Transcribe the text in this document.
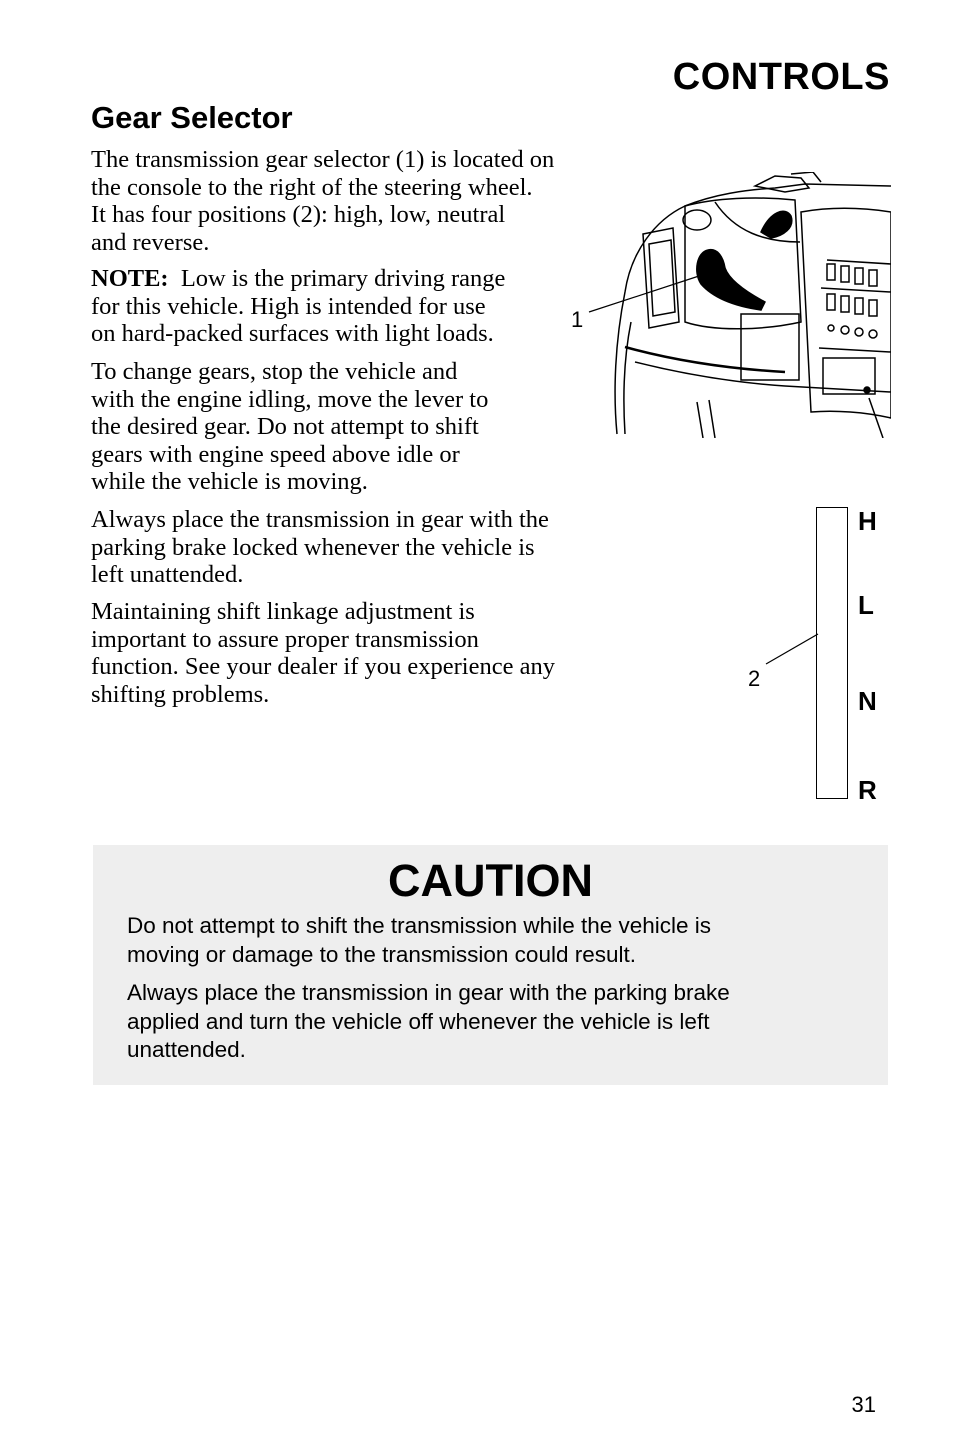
CONTROLS
Gear Selector

The transmission gear selector (1) is located on
the console to the right of the steering wheel.
It has four positions (2): high, low, neutral
and reverse.

NOTE: Low is the primary driving range
for this vehicle. High is intended for use
on hard-packed surfaces with light loads.

To change gears, stop the vehicle and
with the engine idling, move the lever to
the desired gear. Do not attempt to shift
gears with engine speed above idle or
while the vehicle is moving.

Always place the transmission in gear with the
parking brake locked whenever the vehicle is
left unattended.

Maintaining shift linkage adjustment is
important to assure proper transmission
function. See your dealer if you experience any
shifting problems.

1
H
L
N
R
2
CAUTION

Do not attempt to shift the transmission while the vehicle is
moving or damage to the transmission could result.

Always place the transmission in gear with the parking brake
applied and turn the vehicle off whenever the vehicle is left
unattended.

31
